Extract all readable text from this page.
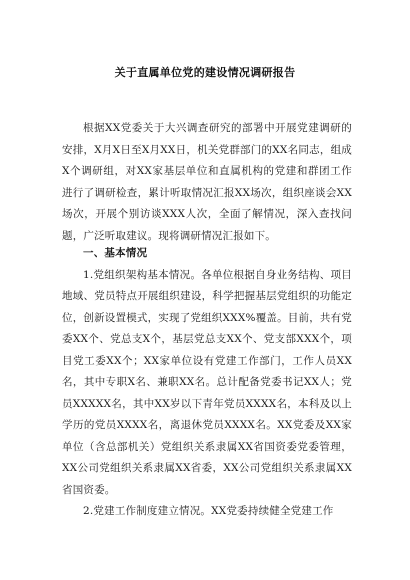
关于直属单位党的建设情况调研报告

根据XX党委关于大兴调查研究的部署中开展党建调研的安排，X月X日至X月XX日，机关党群部门的XX名同志，组成X个调研组，对XX家基层单位和直属机构的党建和群团工作进行了调研检查，累计听取情况汇报XX场次，组织座谈会XX场次，开展个别访谈XXX人次，全面了解情况，深入查找问题，广泛听取建议。现将调研情况汇报如下。

一、基本情况

1.党组织架构基本情况。各单位根据自身业务结构、项目地域、党员特点开展组织建设，科学把握基层党组织的功能定位，创新设置模式，实现了党组织XXX%覆盖。目前，共有党委XX个、党总支X个，基层党总支XX个、党支部XXX个，项目党工委XX个；XX家单位设有党建工作部门，工作人员XX名，其中专职X名、兼职XX名。总计配备党委书记XX人；党员XXXXX名，其中XX岁以下青年党员XXXX名，本科及以上学历的党员XXXX名，离退休党员XXXX名。XX党委及XX家单位（含总部机关）党组织关系隶属XX省国资委党委管理，XX公司党组织关系隶属XX省委，XX公司党组织关系隶属XX省国资委。

2.党建工作制度建立情况。XX党委持续健全党建工作
